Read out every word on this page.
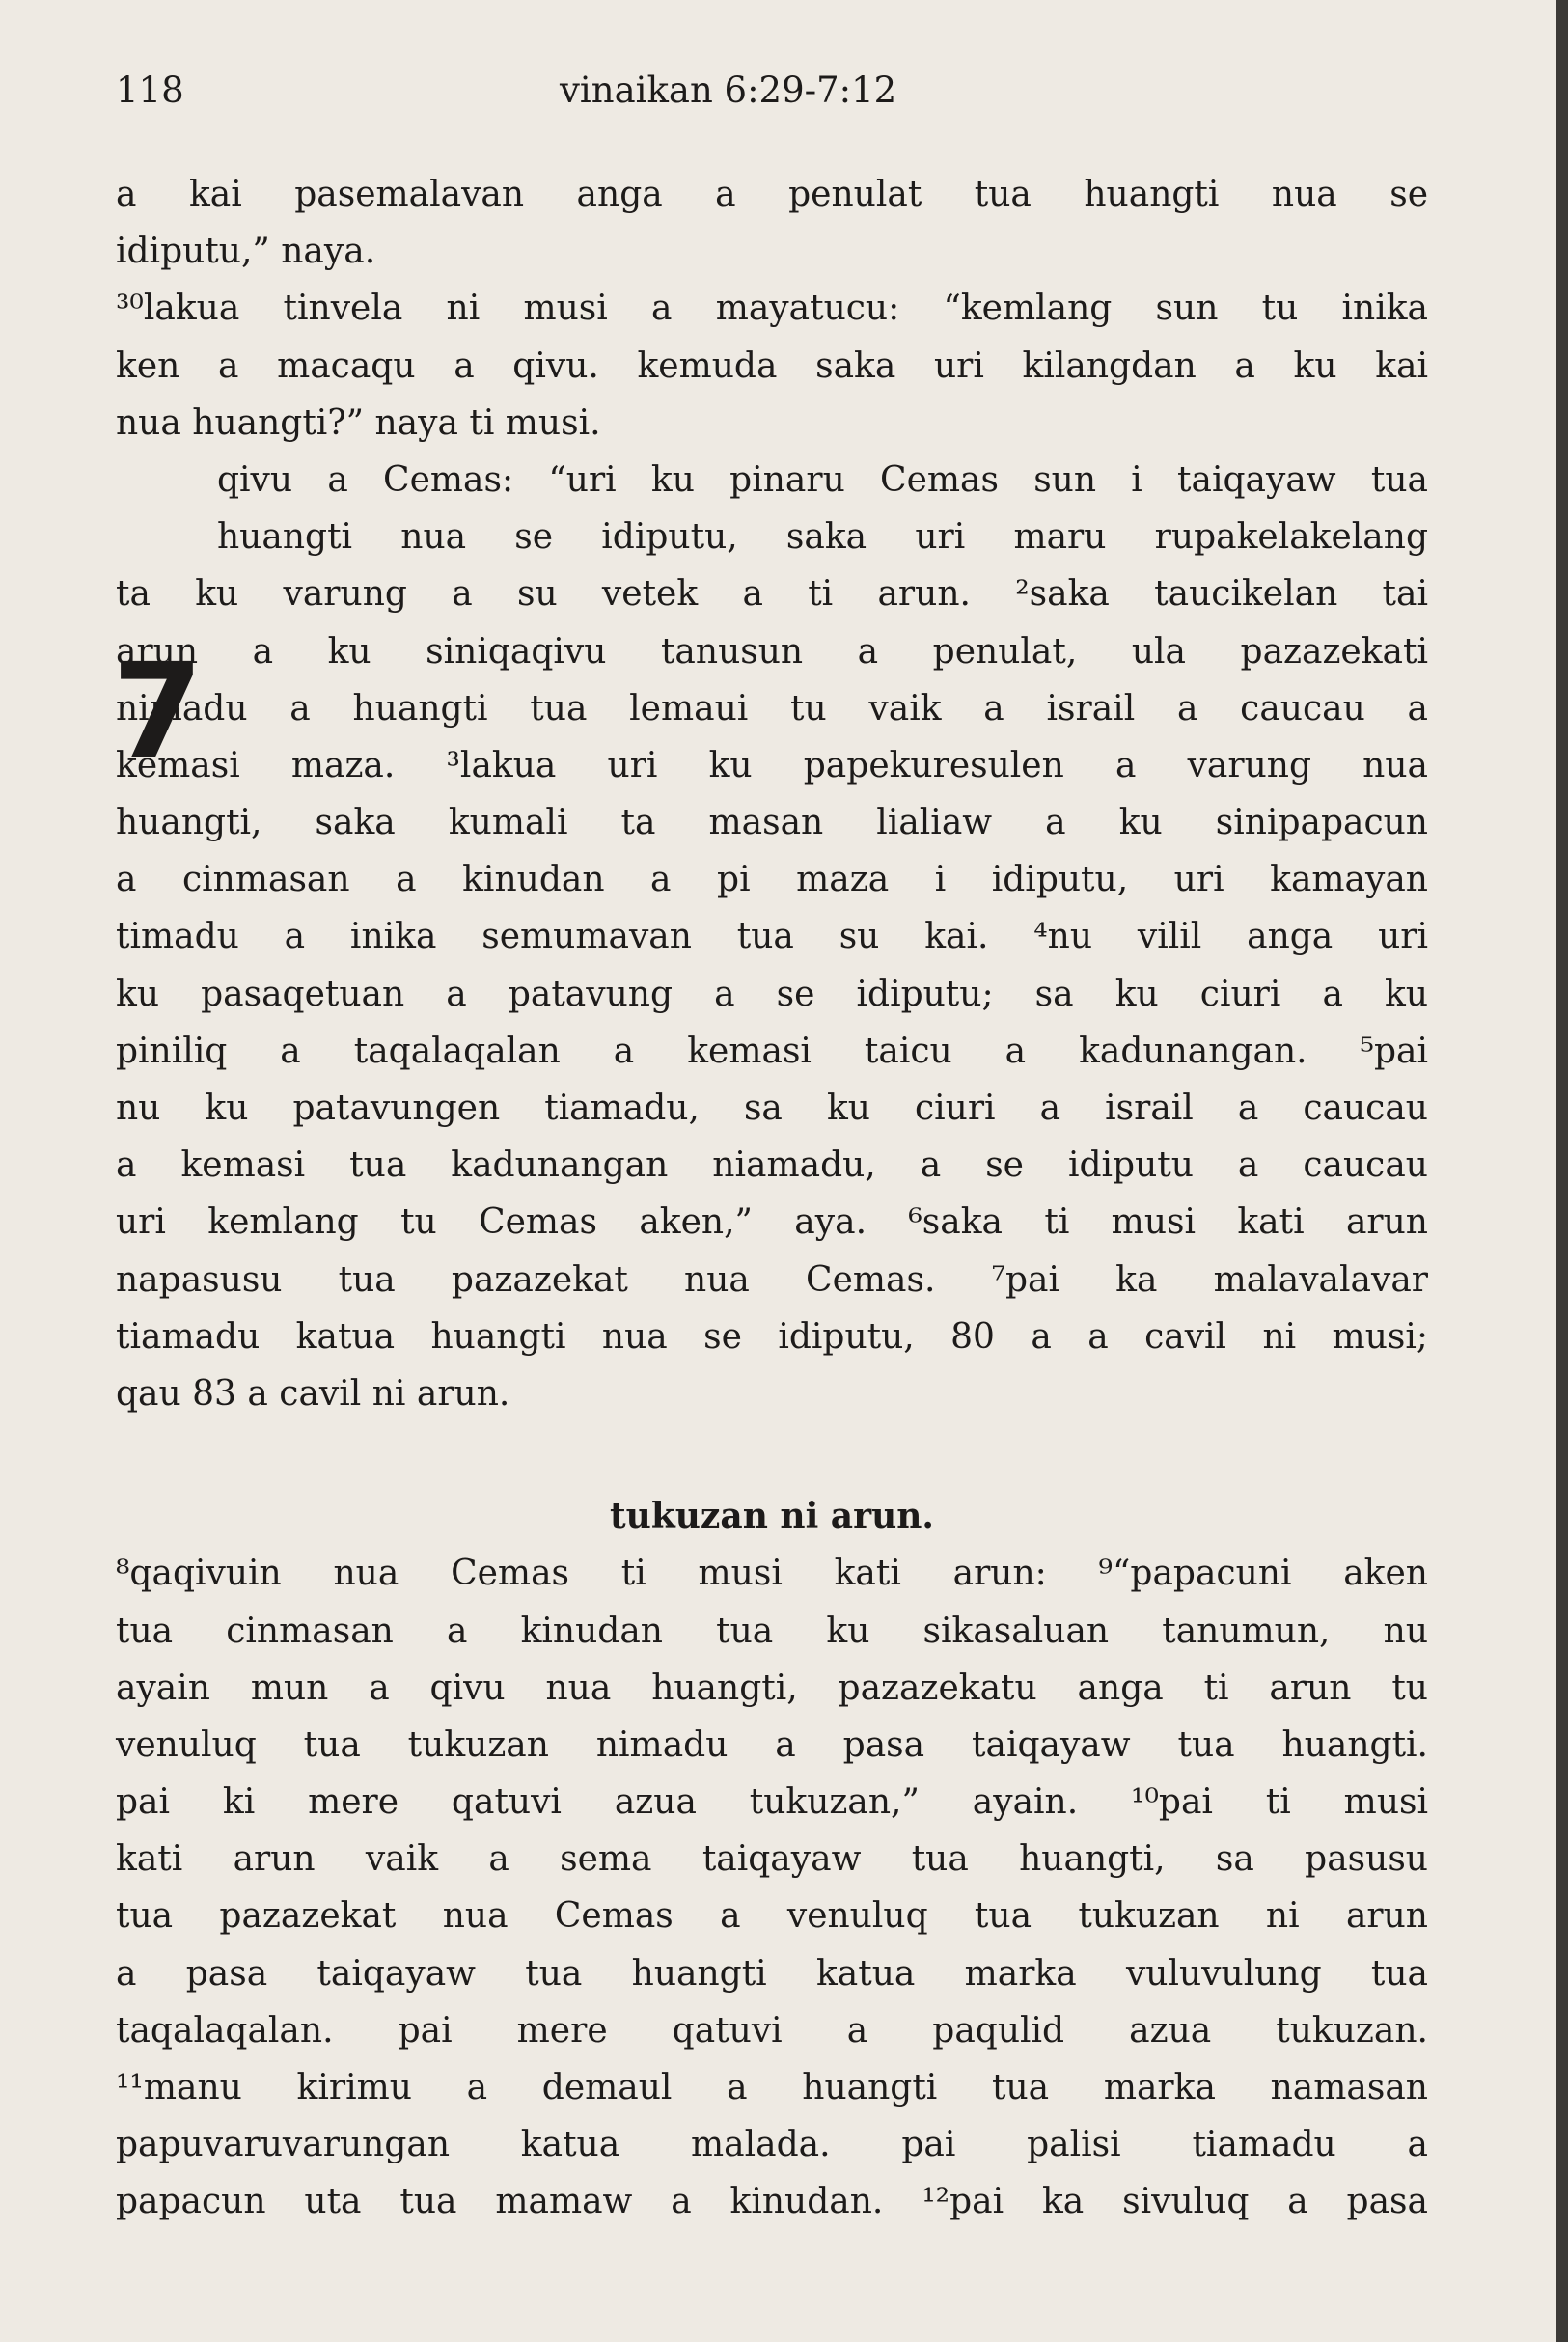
118	vinaikan 6:29-7:12
a kai pasemalavan anga a penulat tua huangti nua se
idiputu,” naya.
³⁰lakua tinvela ni musi a mayatucu: “kemlang sun tu inika
ken a macaqu a qivu. kemuda saka uri kilangdan a ku kai
nua huangti?” naya ti musi.
7
qivu a Cemas: “uri ku pinaru Cemas sun i taiqayaw tua
huangti nua se idiputu, saka uri maru rupakelakelang
ta ku varung a su vetek a ti arun. ²saka taucikelan tai
arun a ku siniqaqivu tanusun a penulat, ula pazazekati
nimadu a huangti tua lemaui tu vaik a israil a caucau a
kemasi maza. ³lakua uri ku papekuresulen a varung nua
huangti, saka kumali ta masan lialiaw a ku sinipapacun
a cinmasan a kinudan a pi maza i idiputu, uri kamayan
timadu a inika semumavan tua su kai. ⁴nu vilil anga uri
ku pasaqetuan a patavung a se idiputu; sa ku ciuri a ku
piniliq a taqalaqalan a kemasi taicu a kadunangan. ⁵pai
nu ku patavungen tiamadu, sa ku ciuri a israil a caucau
a kemasi tua kadunangan niamadu, a se idiputu a caucau
uri kemlang tu Cemas aken,” aya. ⁶saka ti musi kati arun
napasusu tua pazazekat nua Cemas. ⁷pai ka malavalavar
tiamadu katua huangti nua se idiputu, 80 a a cavil ni musi;
qau 83 a cavil ni arun.
tukuzan ni arun.
⁸qaqivuin nua Cemas ti musi kati arun: ⁹“papacuni aken
tua cinmasan a kinudan tua ku sikasaluan tanumun, nu
ayain mun a qivu nua huangti, pazazekatu anga ti arun tu
venuluq tua tukuzan nimadu a pasa taiqayaw tua huangti.
pai ki mere qatuvi azua tukuzan,” ayain. ¹⁰pai ti musi
kati arun vaik a sema taiqayaw tua huangti, sa pasusu
tua pazazekat nua Cemas a venuluq tua tukuzan ni arun
a pasa taiqayaw tua huangti katua marka vuluvulung tua
taqalaqalan. pai mere qatuvi a paqulid azua tukuzan.
¹¹manu kirimu a demaul a huangti tua marka namasan
papuvaruvarungan katua malada. pai palisi tiamadu a
papacun uta tua mamaw a kinudan. ¹²pai ka sivuluq a pasa
